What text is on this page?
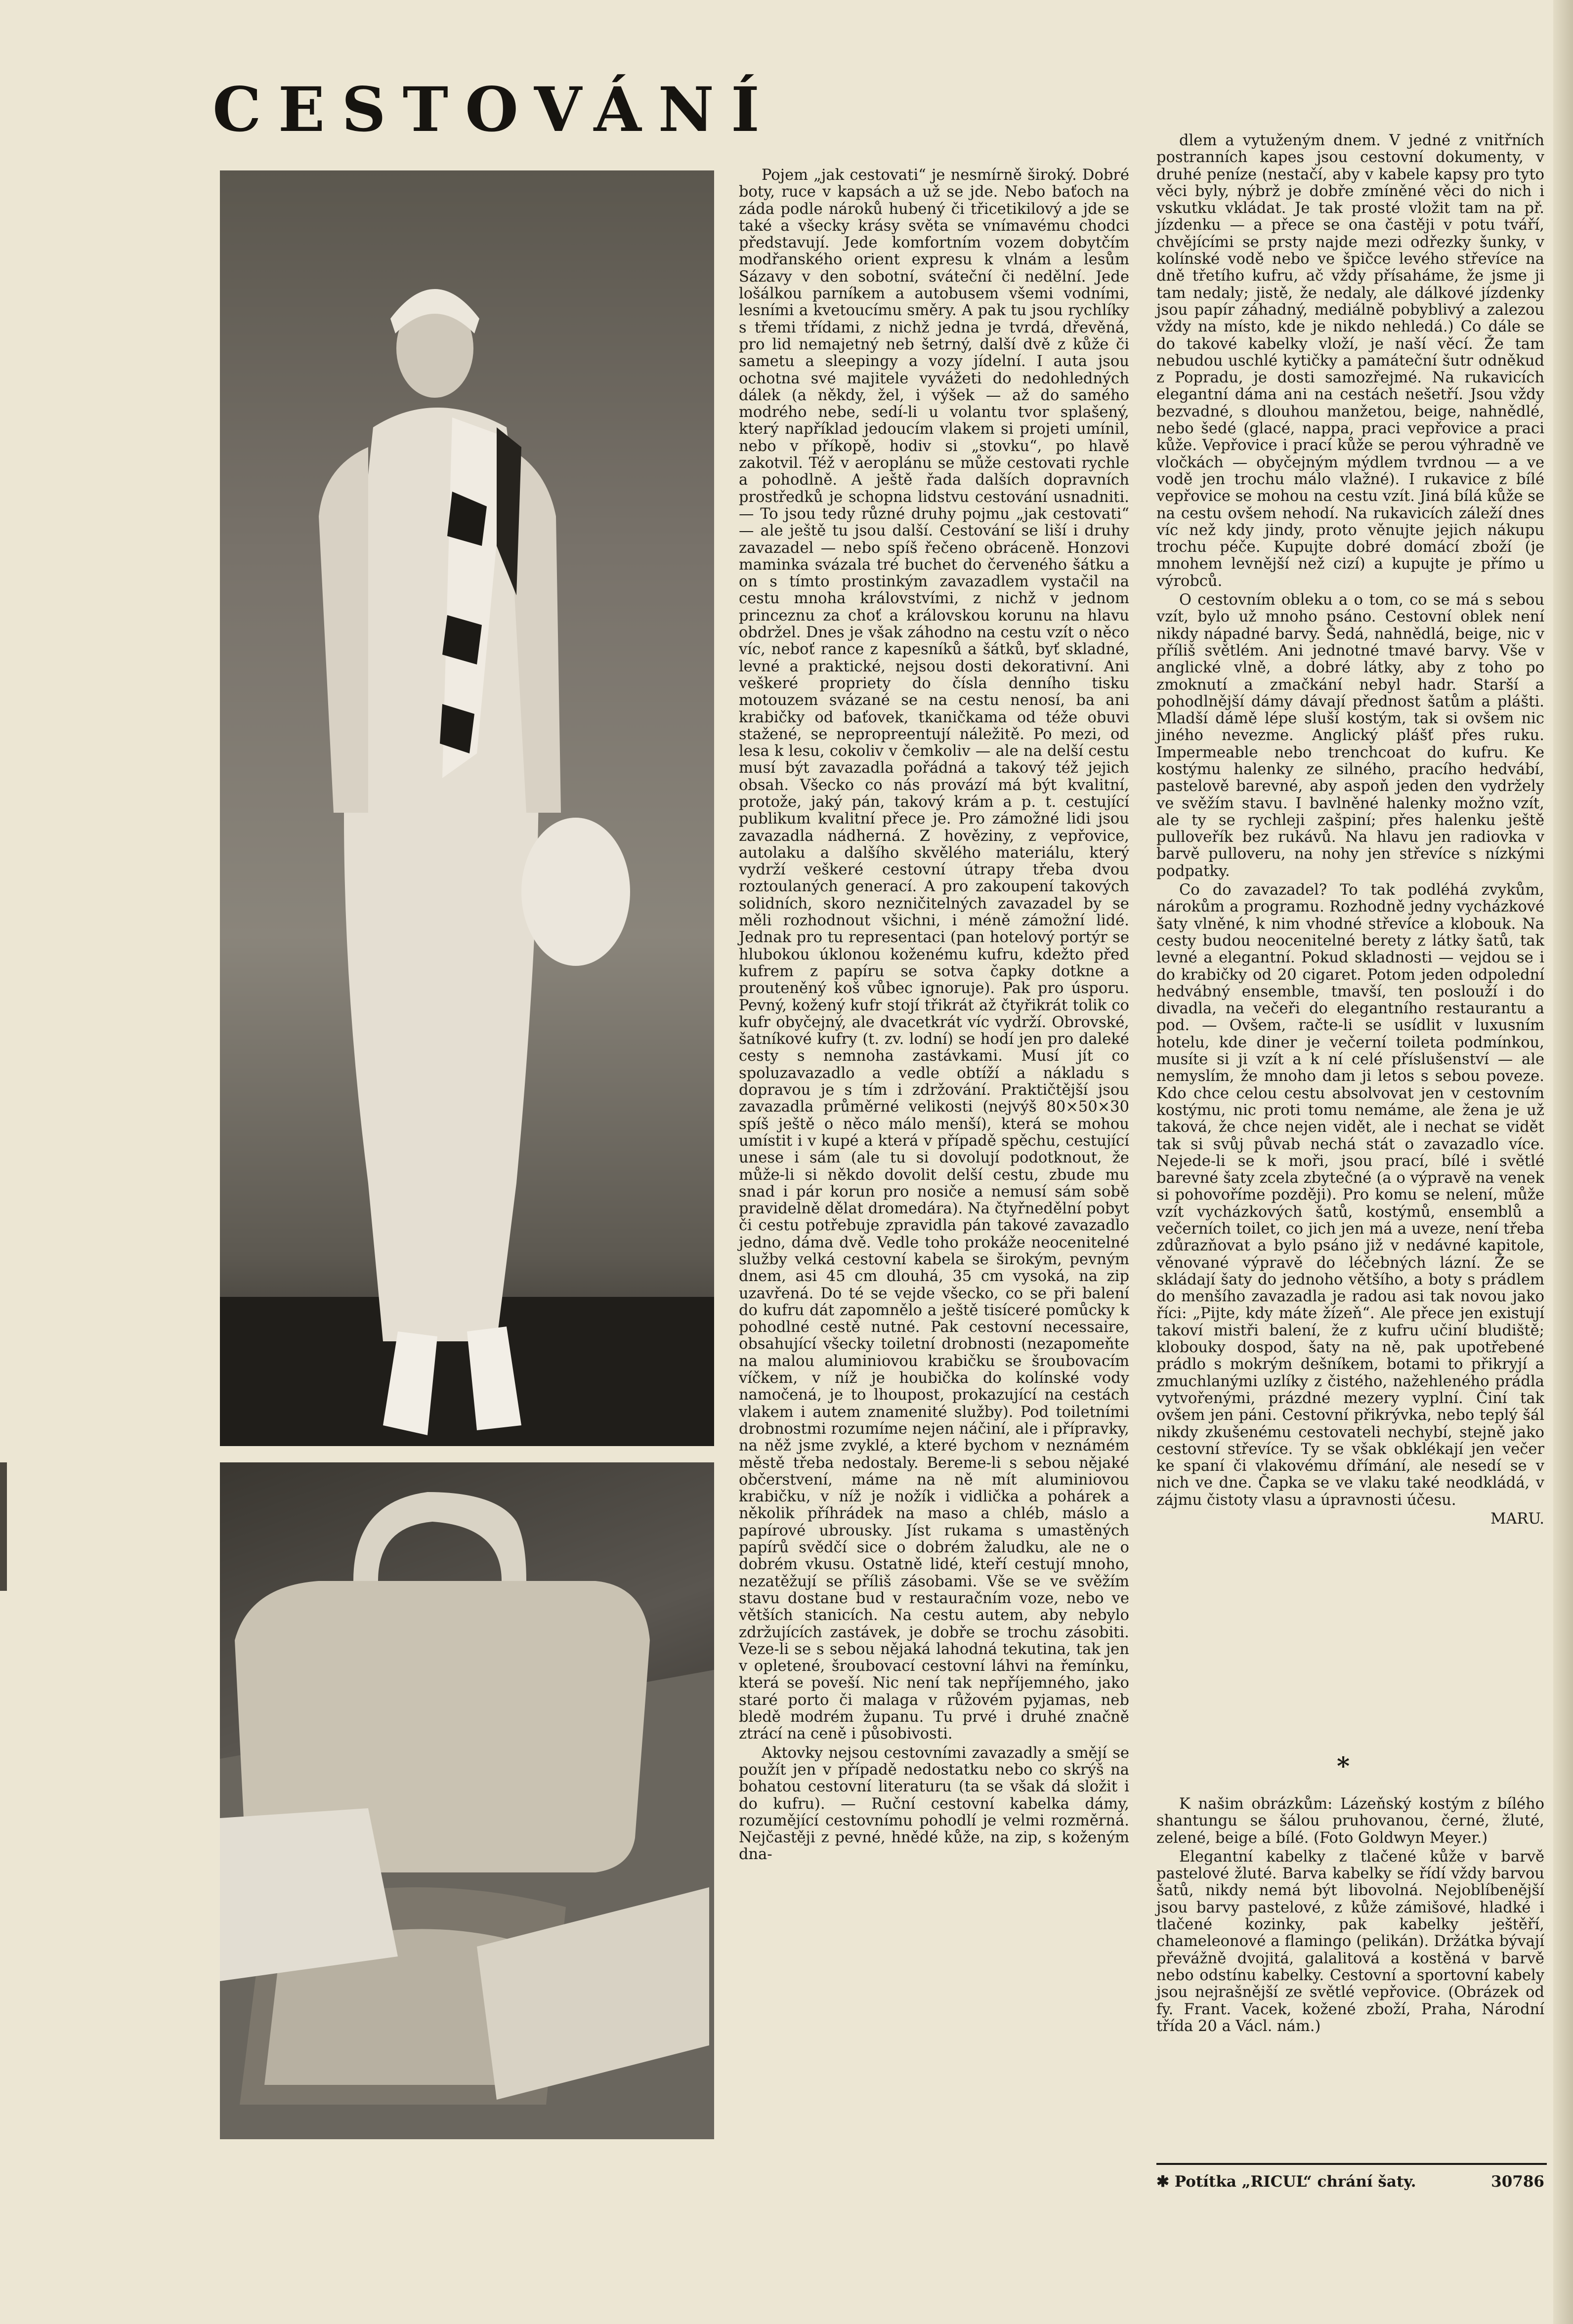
CESTOVÁNÍ

Pojem „jak cestovati“ je nesmírně široký. Dobré boty, ruce v kapsách a už se jde. Nebo baťoch na záda podle nároků hubený či třicetikilový a jde se také a všecky krásy světa se vnímavému chodci představují. Jede komfortním vozem dobytčím modřanského orient expresu k vlnám a lesům Sázavy v den sobotní, sváteční či nedělní. Jede lošálkou parníkem a autobusem všemi vodními, lesními a kvetoucímu směry. A pak tu jsou rychlíky s třemi třídami, z nichž jedna je tvrdá, dřevěná, pro lid nemajetný neb šetrný, další dvě z kůže či sametu a sleepingy a vozy jídelní. I auta jsou ochotna své majitele vyvážeti do nedohledných dálek (a někdy, žel, i výšek — až do samého modrého nebe, sedí-li u volantu tvor splašený, který například jedoucím vlakem si projeti umínil, nebo v příkopě, hodiv si „stovku“, po hlavě zakotvil. Též v aeroplánu se může cestovati rychle a pohodlně. A ještě řada dalších dopravních prostředků je schopna lidstvu cestování usnadniti. — To jsou tedy různé druhy pojmu „jak cestovati“ — ale ještě tu jsou další. Cestování se liší i druhy zavazadel — nebo spíš řečeno obráceně. Honzovi maminka svázala tré buchet do červeného šátku a on s tímto prostinkým zavazadlem vystačil na cestu mnoha královstvími, z nichž v jednom princeznu za choť a královskou korunu na hlavu obdržel. Dnes je však záhodno na cestu vzít o něco víc, neboť rance z kapesníků a šátků, byť skladné, levné a praktické, nejsou dosti dekorativní. Ani veškeré propriety do čísla denního tisku motouzem svázané se na cestu nenosí, ba ani krabičky od baťovek, tkaničkama od téže obuvi stažené, se nepropreentují náležitě. Po mezi, od lesa k lesu, cokoliv v čemkoliv — ale na delší cestu musí být zavazadla pořádná a takový též jejich obsah. Všecko co nás provází má být kvalitní, protože, jaký pán, takový krám a p. t. cestující publikum kvalitní přece je. Pro zámožné lidi jsou zavazadla nádherná. Z hověziny, z vepřovice, autolaku a dalšího skvělého materiálu, který vydrží veškeré cestovní útrapy třeba dvou roztoulaných generací. A pro zakoupení takových solidních, skoro nezničitelných zavazadel by se měli rozhodnout všichni, i méně zámožní lidé. Jednak pro tu representaci (pan hotelový portýr se hlubokou úklonou koženému kufru, kdežto před kufrem z papíru se sotva čapky dotkne a prouteněný koš vůbec ignoruje). Pak pro úsporu. Pevný, kožený kufr stojí třikrát až čtyřikrát tolik co kufr obyčejný, ale dvacetkrát víc vydrží. Obrovské, šatníkové kufry (t. zv. lodní) se hodí jen pro daleké cesty s nemnoha zastávkami. Musí jít co spoluzavazadlo a vedle obtíží a nákladu s dopravou je s tím i zdržování. Praktičtější jsou zavazadla průměrné velikosti (nejvýš 80×50×30 spíš ještě o něco málo menší), která se mohou umístit i v kupé a která v případě spěchu, cestující unese i sám (ale tu si dovolují podotknout, že může-li si někdo dovolit delší cestu, zbude mu snad i pár korun pro nosiče a nemusí sám sobě pravidelně dělat dromedára). Na čtyřnedělní pobyt či cestu potřebuje zpravidla pán takové zavazadlo jedno, dáma dvě. Vedle toho prokáže neocenitelné služby velká cestovní kabela se širokým, pevným dnem, asi 45 cm dlouhá, 35 cm vysoká, na zip uzavřená. Do té se vejde všecko, co se při balení do kufru dát zapomnělo a ještě tisíceré pomůcky k pohodlné cestě nutné. Pak cestovní necessaire, obsahující všecky toiletní drobnosti (nezapomeňte na malou aluminiovou krabičku se šroubovacím víčkem, v níž je houbička do kolínské vody namočená, je to lhoupost, prokazující na cestách vlakem i autem znamenité služby). Pod toiletními drobnostmi rozumíme nejen náčiní, ale i přípravky, na něž jsme zvyklé, a které bychom v neznámém městě třeba nedostaly. Bereme-li s sebou nějaké občerstvení, máme na ně mít aluminiovou krabičku, v níž je nožík i vidlička a pohárek a několik příhrádek na maso a chléb, máslo a papírové ubrousky. Jíst rukama s umastěných papírů svědčí sice o dobrém žaludku, ale ne o dobrém vkusu. Ostatně lidé, kteří cestují mnoho, nezatěžují se příliš zásobami. Vše se ve svěžím stavu dostane bud v restauračním voze, nebo ve větších stanicích. Na cestu autem, aby nebylo zdržujících zastávek, je dobře se trochu zásobiti. Veze-li se s sebou nějaká lahodná tekutina, tak jen v opletené, šroubovací cestovní láhvi na řemínku, která se poveší. Nic není tak nepříjemného, jako staré porto či malaga v růžovém pyjamas, neb bledě modrém županu. Tu prvé i druhé značně ztrácí na ceně i působivosti.

Aktovky nejsou cestovními zavazadly a smějí se použít jen v případě nedostatku nebo co skrýš na bohatou cestovní literaturu (ta se však dá složit i do kufru). — Ruční cestovní kabelka dámy, rozumějící cestovnímu pohodlí je velmi rozměrná. Nejčastěji z pevné, hnědé kůže, na zip, s koženým dna-

dlem a vytuženým dnem. V jedné z vnitřních postranních kapes jsou cestovní dokumenty, v druhé peníze (nestačí, aby v kabele kapsy pro tyto věci byly, nýbrž je dobře zmíněné věci do nich i vskutku vkládat. Je tak prosté vložit tam na př. jízdenku — a přece se ona častěji v potu tváří, chvějícími se prsty najde mezi odřezky šunky, v kolínské vodě nebo ve špičce levého střevíce na dně třetího kufru, ač vždy přísaháme, že jsme ji tam nedaly; jistě, že nedaly, ale dálkové jízdenky jsou papír záhadný, mediálně pobyblivý a zalezou vždy na místo, kde je nikdo nehledá.) Co dále se do takové kabelky vloží, je naší věcí. Že tam nebudou uschlé kytičky a památeční šutr odněkud z Popradu, je dosti samozřejmé. Na rukavicích elegantní dáma ani na cestách nešetří. Jsou vždy bezvadné, s dlouhou manžetou, beige, nahnědlé, nebo šedé (glacé, nappa, praci vepřovice a praci kůže. Vepřovice i prací kůže se perou výhradně ve vločkách — obyčejným mýdlem tvrdnou — a ve vodě jen trochu málo vlažné). I rukavice z bílé vepřovice se mohou na cestu vzít. Jiná bílá kůže se na cestu ovšem nehodí. Na rukavicích záleží dnes víc než kdy jindy, proto věnujte jejich nákupu trochu péče. Kupujte dobré domácí zboží (je mnohem levnější než cizí) a kupujte je přímo u výrobců.

O cestovním obleku a o tom, co se má s sebou vzít, bylo už mnoho psáno. Cestovní oblek není nikdy nápadné barvy. Šedá, nahnědlá, beige, nic v příliš světlém. Ani jednotné tmavé barvy. Vše v anglické vlně, a dobré látky, aby z toho po zmoknutí a zmačkání nebyl hadr. Starší a pohodlnější dámy dávají přednost šatům a plášti. Mladší dámě lépe sluší kostým, tak si ovšem nic jiného nevezme. Anglický plášť přes ruku. Impermeable nebo trenchcoat do kufru. Ke kostýmu halenky ze silného, pracího hedvábí, pastelově barevné, aby aspoň jeden den vydržely ve svěžím stavu. I bavlněné halenky možno vzít, ale ty se rychleji zašpiní; přes halenku ještě pulloveřík bez rukávů. Na hlavu jen radiovka v barvě pulloveru, na nohy jen střevíce s nízkými podpatky.

Co do zavazadel? To tak podléhá zvykům, nárokům a programu. Rozhodně jedny vycházkové šaty vlněné, k nim vhodné střevíce a klobouk. Na cesty budou neocenitelné berety z látky šatů, tak levné a elegantní. Pokud skladnosti — vejdou se i do krabičky od 20 cigaret. Potom jeden odpolední hedvábný ensemble, tmavší, ten poslouží i do divadla, na večeři do elegantního restaurantu a pod. — Ovšem, račte-li se usídlit v luxusním hotelu, kde diner je večerní toileta podmínkou, musíte si ji vzít a k ní celé příslušenství — ale nemyslím, že mnoho dam ji letos s sebou poveze. Kdo chce celou cestu absolvovat jen v cestovním kostýmu, nic proti tomu nemáme, ale žena je už taková, že chce nejen vidět, ale i nechat se vidět tak si svůj půvab nechá stát o zavazadlo více. Nejede-li se k moři, jsou prací, bílé i světlé barevné šaty zcela zbytečné (a o výpravě na venek si pohovoříme později). Pro komu se nelení, může vzít vycházkových šatů, kostýmů, ensemblů a večerních toilet, co jich jen má a uveze, není třeba zdůrazňovat a bylo psáno již v nedávné kapitole, věnované výpravě do léčebných lázní. Že se skládají šaty do jednoho většího, a boty s prádlem do menšího zavazadla je radou asi tak novou jako říci: „Pijte, kdy máte žízeň“. Ale přece jen existují takoví mistři balení, že z kufru učiní bludiště; klobouky dospod, šaty na ně, pak upotřebené prádlo s mokrým dešníkem, botami to přikryjí a zmuchlanými uzlíky z čistého, nažehleného prádla vytvořenými, prázdné mezery vyplní. Činí tak ovšem jen páni. Cestovní přikrývka, nebo teplý šál nikdy zkušenému cestovateli nechybí, stejně jako cestovní střevíce. Ty se však obklékají jen večer ke spaní či vlakovému dřímání, ale nesedí se v nich ve dne. Čapka se ve vlaku také neodkládá, v zájmu čistoty vlasu a úpravnosti účesu.

MARU.
*

K našim obrázkům: Lázeňský kostým z bílého shantungu se šálou pruhovanou, černé, žluté, zelené, beige a bílé. (Foto Goldwyn Meyer.)

Elegantní kabelky z tlačené kůže v barvě pastelové žluté. Barva kabelky se řídí vždy barvou šatů, nikdy nemá být libovolná. Nejoblíbenější jsou barvy pastelové, z kůže zámišové, hladké i tlačené kozinky, pak kabelky ještěří, chameleonové a flamingo (pelikán). Držátka bývají převážně dvojitá, galalitová a kostěná v barvě nebo odstínu kabelky. Cestovní a sportovní kabely jsou nejrašnější ze světlé vepřovice. (Obrázek od fy. Frant. Vacek, kožené zboží, Praha, Národní třída 20 a Václ. nám.)

✱ Potítka „RICUL“ chrání šaty.	30786
